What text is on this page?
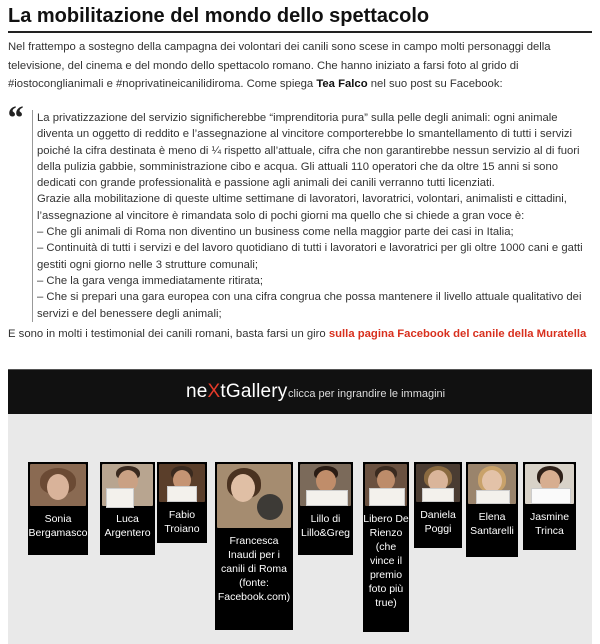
La mobilitazione del mondo dello spettacolo

Nel frattempo a sostegno della campagna dei volontari dei canili sono scese in campo molti personaggi della televisione, del cinema e del mondo dello spettacolo romano. Che hanno iniziato a farsi foto al grido di #iostoconglianimali e #noprivatineicanilidiroma. Come spiega Tea Falco nel suo post su Facebook:

“ La privatizzazione del servizio significherebbe “imprenditoria pura” sulla pelle degli animali: ogni animale diventa un oggetto di reddito e l’assegnazione al vincitore comporterebbe lo smantellamento di tutti i servizi poiché la cifra destinata è meno di ¼ rispetto all’attuale, cifra che non garantirebbe nessun servizio al di fuori della pulizia gabbie, somministrazione cibo e acqua. Gli attuali 110 operatori che da oltre 15 anni si sono dedicati con grande professionalità e passione agli animali dei canili verranno tutti licenziati.

Grazie alla mobilitazione di queste ultime settimane di lavoratori, lavoratrici, volontari, animalisti e cittadini, l’assegnazione al vincitore è rimandata solo di pochi giorni ma quello che si chiede a gran voce è:

– Che gli animali di Roma non diventino un business come nella maggior parte dei casi in Italia;

– Continuità di tutti i servizi e del lavoro quotidiano di tutti i lavoratori e lavoratrici per gli oltre 1000 cani e gatti gestiti ogni giorno nelle 3 strutture comunali;

– Che la gara venga immediatamente ritirata;

– Che si prepari una gara europea con una cifra congrua che possa mantenere il livello attuale qualitativo dei servizi e del benessere degli animali;

E sono in molti i testimonial dei canili romani, basta farsi un giro sulla pagina Facebook del canile della Muratella

neXtGallery clicca per ingrandire le immagini
Sonia Bergamasco
Luca Argentero
Fabio Troiano
Francesca Inaudi per i canili di Roma (fonte: Facebook.com)
Lillo di Lillo&Greg
Libero De Rienzo (che vince il premio foto più true)
Daniela Poggi
Elena Santarelli
Jasmine Trinca
